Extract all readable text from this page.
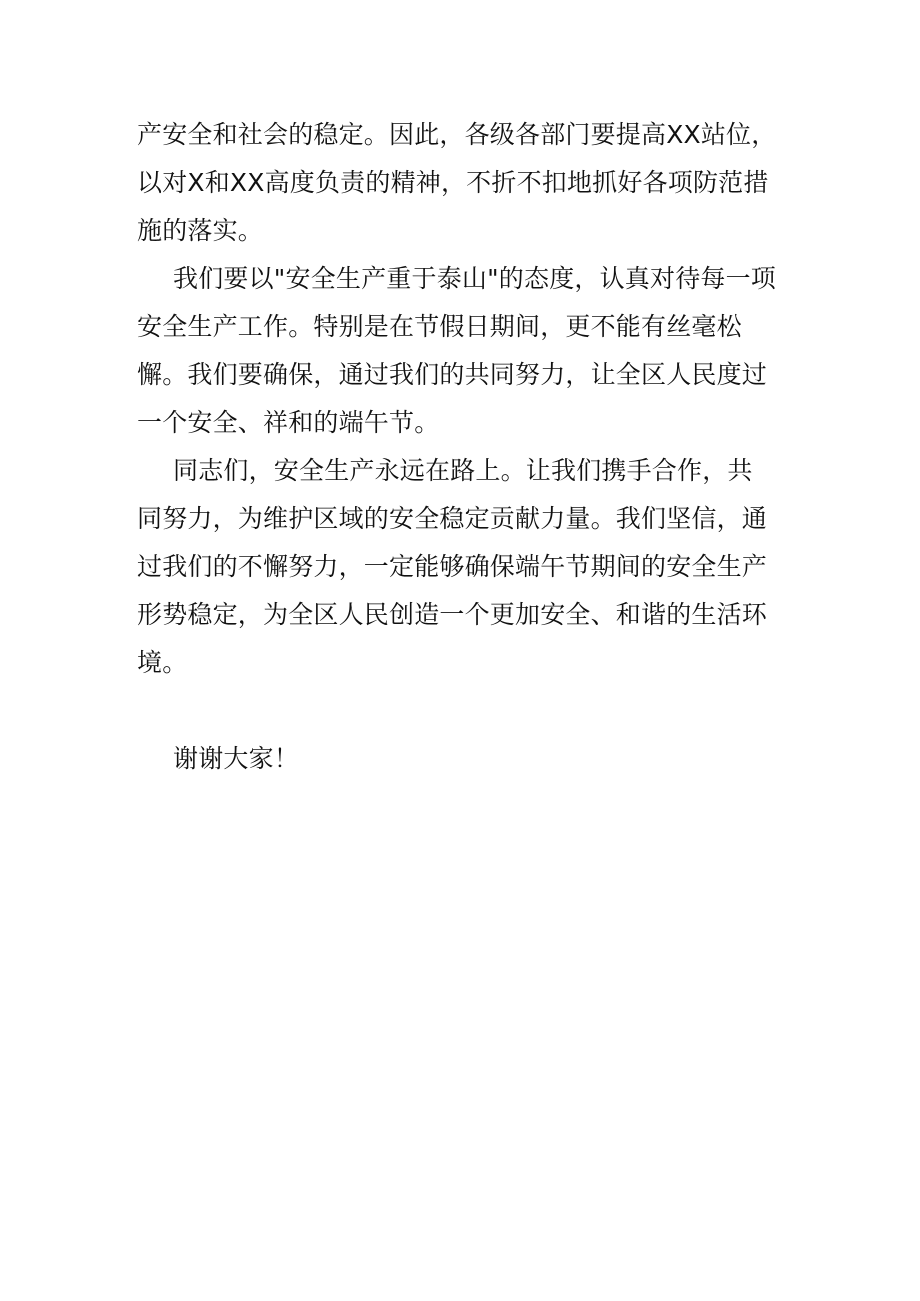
产安全和社会的稳定。因此，各级各部门要提高XX站位，以对X和XX高度负责的精神，不折不扣地抓好各项防范措施的落实。

我们要以"安全生产重于泰山"的态度，认真对待每一项安全生产工作。特别是在节假日期间，更不能有丝毫松懈。我们要确保，通过我们的共同努力，让全区人民度过一个安全、祥和的端午节。

同志们，安全生产永远在路上。让我们携手合作，共同努力，为维护区域的安全稳定贡献力量。我们坚信，通过我们的不懈努力，一定能够确保端午节期间的安全生产形势稳定，为全区人民创造一个更加安全、和谐的生活环境。

谢谢大家！
